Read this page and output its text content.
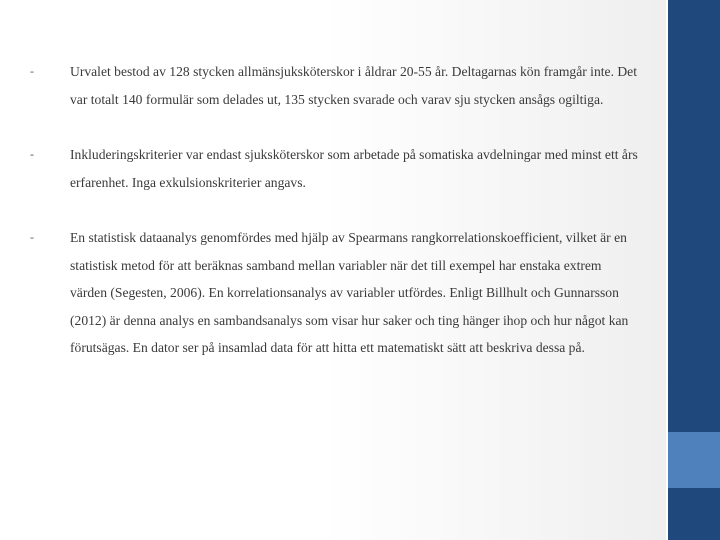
-	Urvalet bestod av 128 stycken allmänsjuksköterskor i åldrar 20-55 år. Deltagarnas kön framgår inte. Det var totalt 140 formulär som delades ut, 135 stycken svarade och varav sju stycken ansågs ogiltiga.

-	Inkluderingskriterier var endast sjuksköterskor som arbetade på somatiska avdelningar med minst ett års erfarenhet. Inga exkulsionskriterier angavs.

-	En statistisk dataanalys genomfördes med hjälp av Spearmans rangkorrelationskoefficient, vilket är en statistisk metod för att beräknas samband mellan variabler när det till exempel har enstaka extrem värden (Segesten, 2006). En korrelationsanalys av variabler utfördes. Enligt Billhult och Gunnarsson (2012) är denna analys en sambandsanalys som visar hur saker och ting hänger ihop och hur något kan förutsägas. En dator ser på insamlad data för att hitta ett matematiskt sätt att beskriva dessa på.
